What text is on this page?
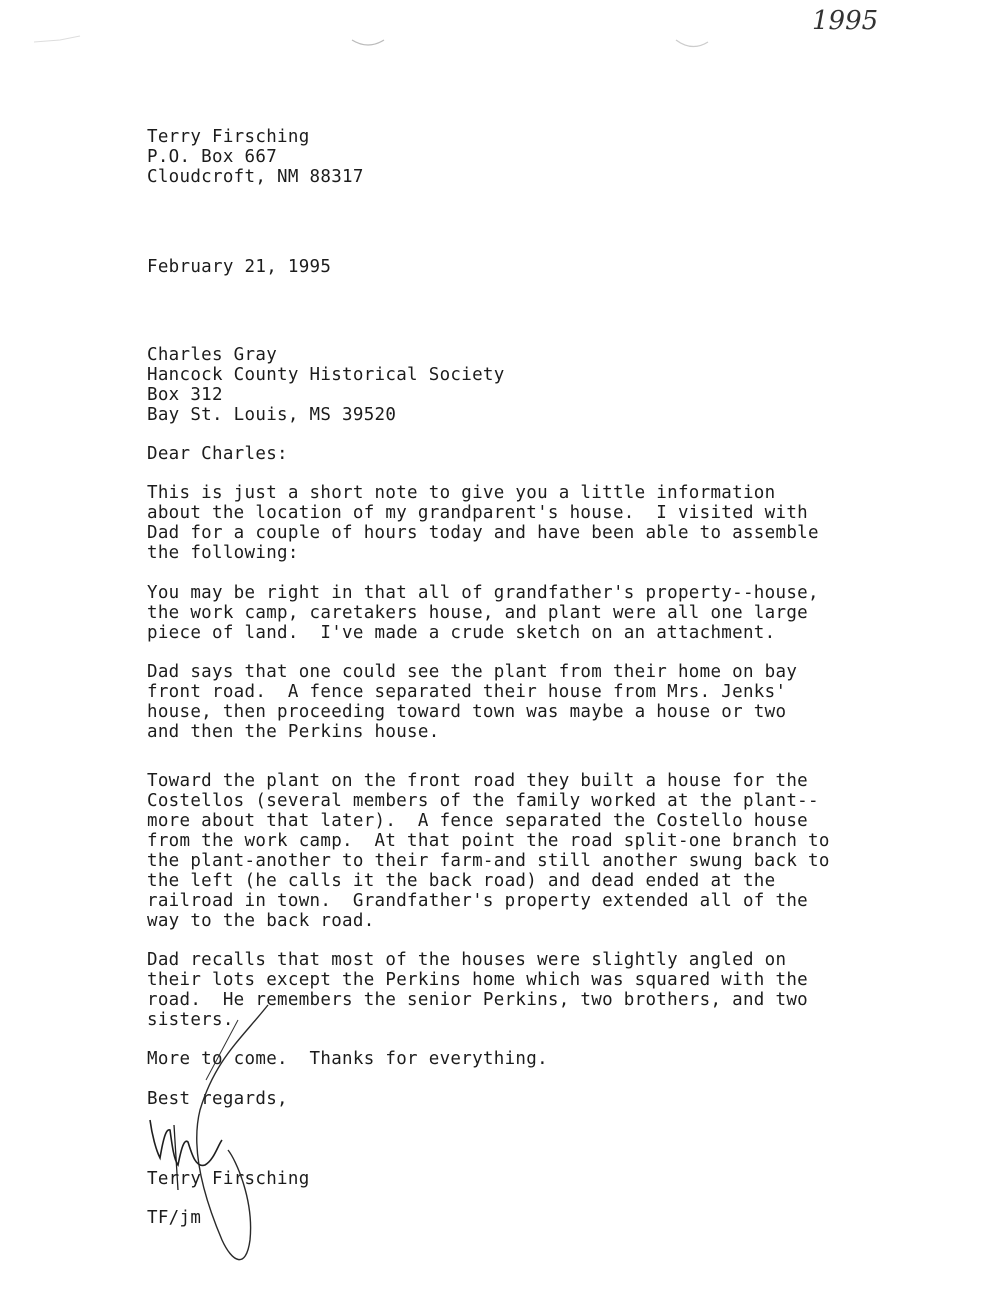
1995

Terry Firsching

P.O. Box 667

Cloudcroft, NM 88317

February 21, 1995

Charles Gray

Hancock County Historical Society

Box 312

Bay St. Louis, MS 39520

Dear Charles:

This is just a short note to give you a little information

about the location of my grandparent's house.  I visited with

Dad for a couple of hours today and have been able to assemble

the following:

You may be right in that all of grandfather's property--house,

the work camp, caretakers house, and plant were all one large

piece of land.  I've made a crude sketch on an attachment.

Dad says that one could see the plant from their home on bay

front road.  A fence separated their house from Mrs. Jenks'

house, then proceeding toward town was maybe a house or two

and then the Perkins house.

Toward the plant on the front road they built a house for the

Costellos (several members of the family worked at the plant--

more about that later).  A fence separated the Costello house

from the work camp.  At that point the road split-one branch to

the plant-another to their farm-and still another swung back to

the left (he calls it the back road) and dead ended at the

railroad in town.  Grandfather's property extended all of the

way to the back road.

Dad recalls that most of the houses were slightly angled on

their lots except the Perkins home which was squared with the

road.  He remembers the senior Perkins, two brothers, and two

sisters.

More to come.  Thanks for everything.

Best regards,

Terry Firsching

TF/jm
